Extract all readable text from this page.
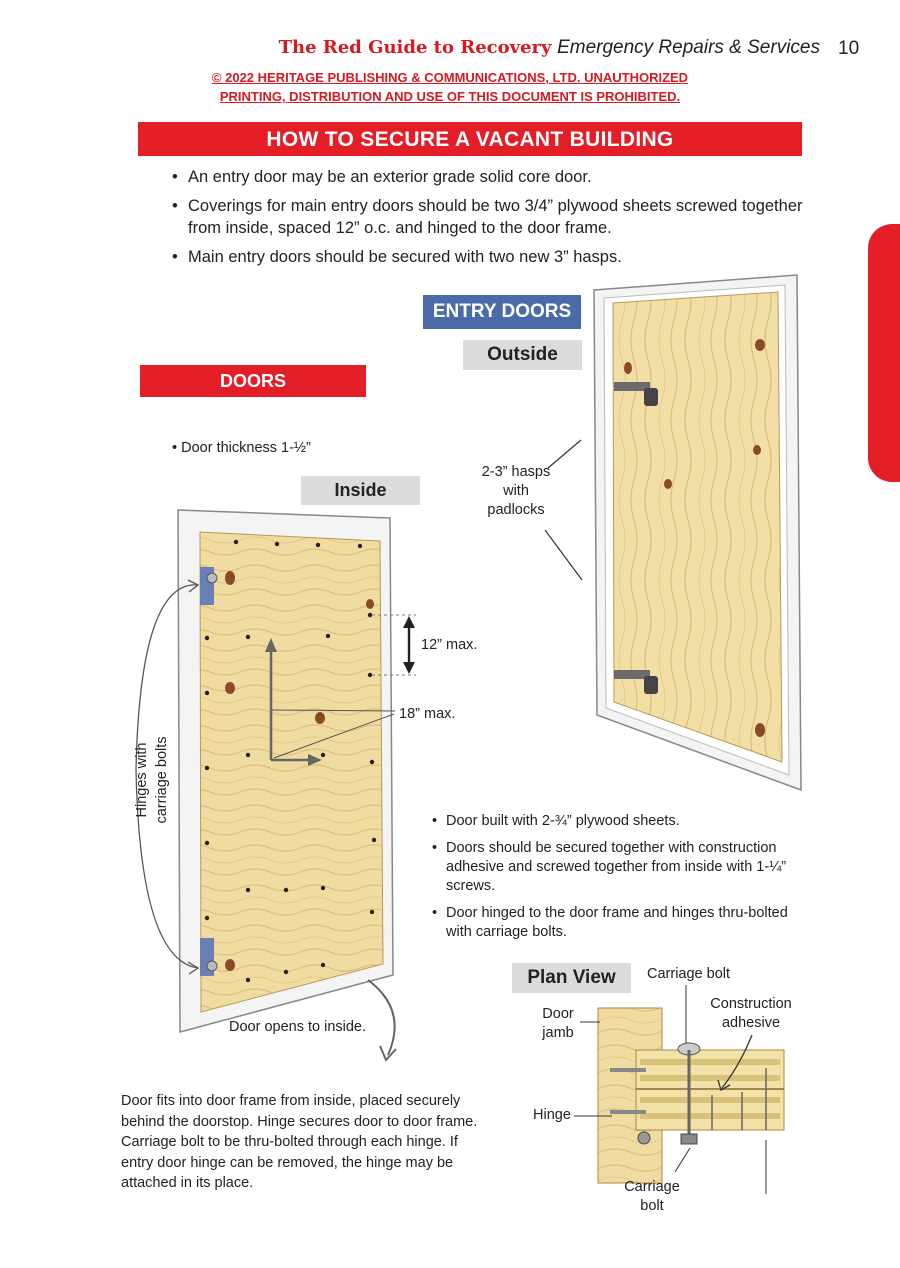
The Red Guide to Recovery Emergency Repairs & Services 10
© 2022 HERITAGE PUBLISHING & COMMUNICATIONS, LTD. UNAUTHORIZED
PRINTING, DISTRIBUTION AND USE OF THIS DOCUMENT IS PROHIBITED.
HOW TO SECURE A VACANT BUILDING
• An entry door may be an exterior grade solid core door.
• Coverings for main entry doors should be two 3/4” plywood sheets screwed together from inside, spaced 12” o.c. and hinged to the door frame.
• Main entry doors should be secured with two new 3” hasps.
ENTRY DOORS
Outside
2-3” hasps
with
padlocks
DOORS
• Door thickness 1-½”
Inside
Hinges with carriage bolts
12” max.
18” max.
Door opens to inside.
Door fits into door frame from inside, placed securely behind the doorstop. Hinge secures door to door frame. Carriage bolt to be thru-bolted through each hinge. If entry door hinge can be removed, the hinge may be attached in its place.
• Door built with 2-¾” plywood sheets.
• Doors should be secured together with construction adhesive and screwed together from inside with 1-¼” screws.
• Door hinged to the door frame and hinges thru-bolted with carriage bolts.
Plan View	Carriage bolt
Construction
adhesive
Door
jamb
Hinge
Carriage
bolt
